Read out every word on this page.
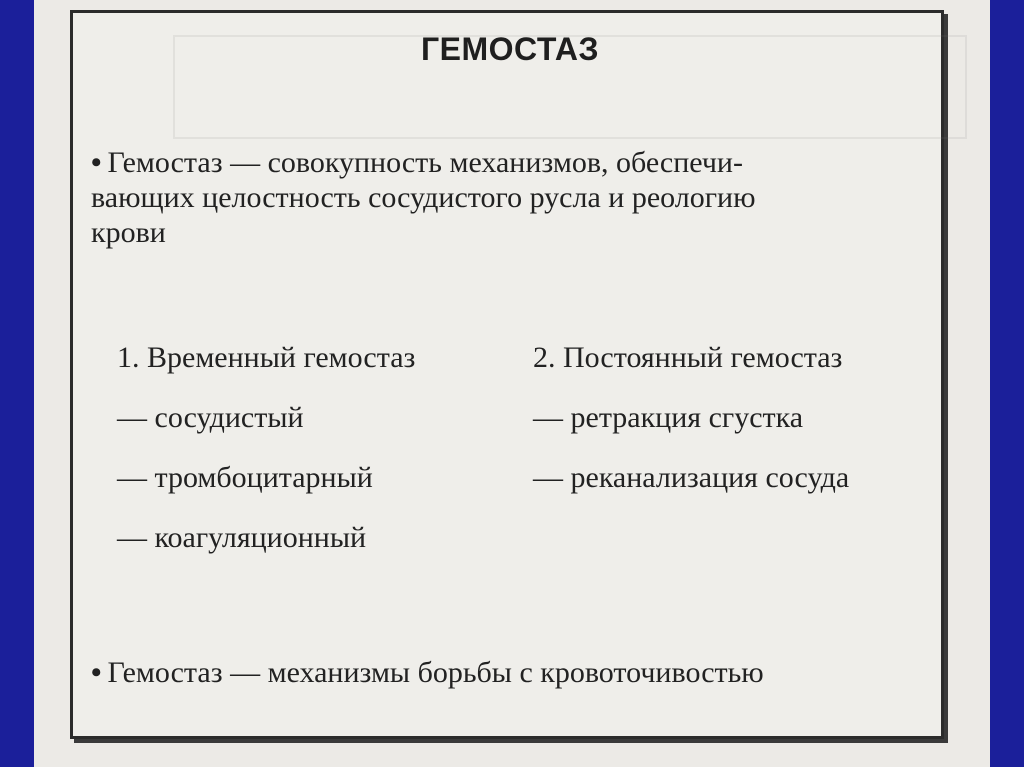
ГЕМОСТАЗ
• Гемостаз — совокупность механизмов, обеспечи-
вающих целостность сосудистого русла и реологию
крови
1. Временный гемостаз
— сосудистый
— тромбоцитарный
— коагуляционный
2. Постоянный гемостаз
— ретракция сгустка
— реканализация сосуда
• Гемостаз — механизмы борьбы с кровоточивостью
